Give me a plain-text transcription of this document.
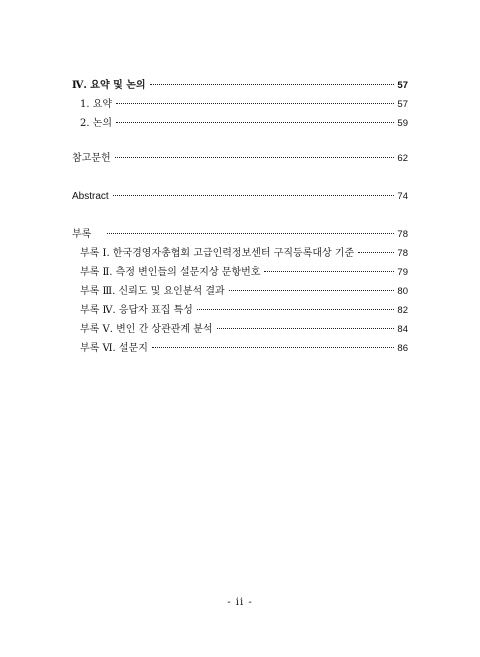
Ⅳ. 요약 및 논의	57
1. 요약	57
2. 논의	59
참고문헌	62
Abstract	74
부록	78
부록 Ⅰ. 한국경영자총협회 고급인력정보센터 구직등록대상 기준	78
부록 Ⅱ. 측정 변인들의 설문지상 문항번호	79
부록 Ⅲ. 신뢰도 및 요인분석 결과	80
부록 Ⅳ. 응답자 표집 특성	82
부록 Ⅴ. 변인 간 상관관계 분석	84
부록 Ⅵ. 설문지	86
- ii -
